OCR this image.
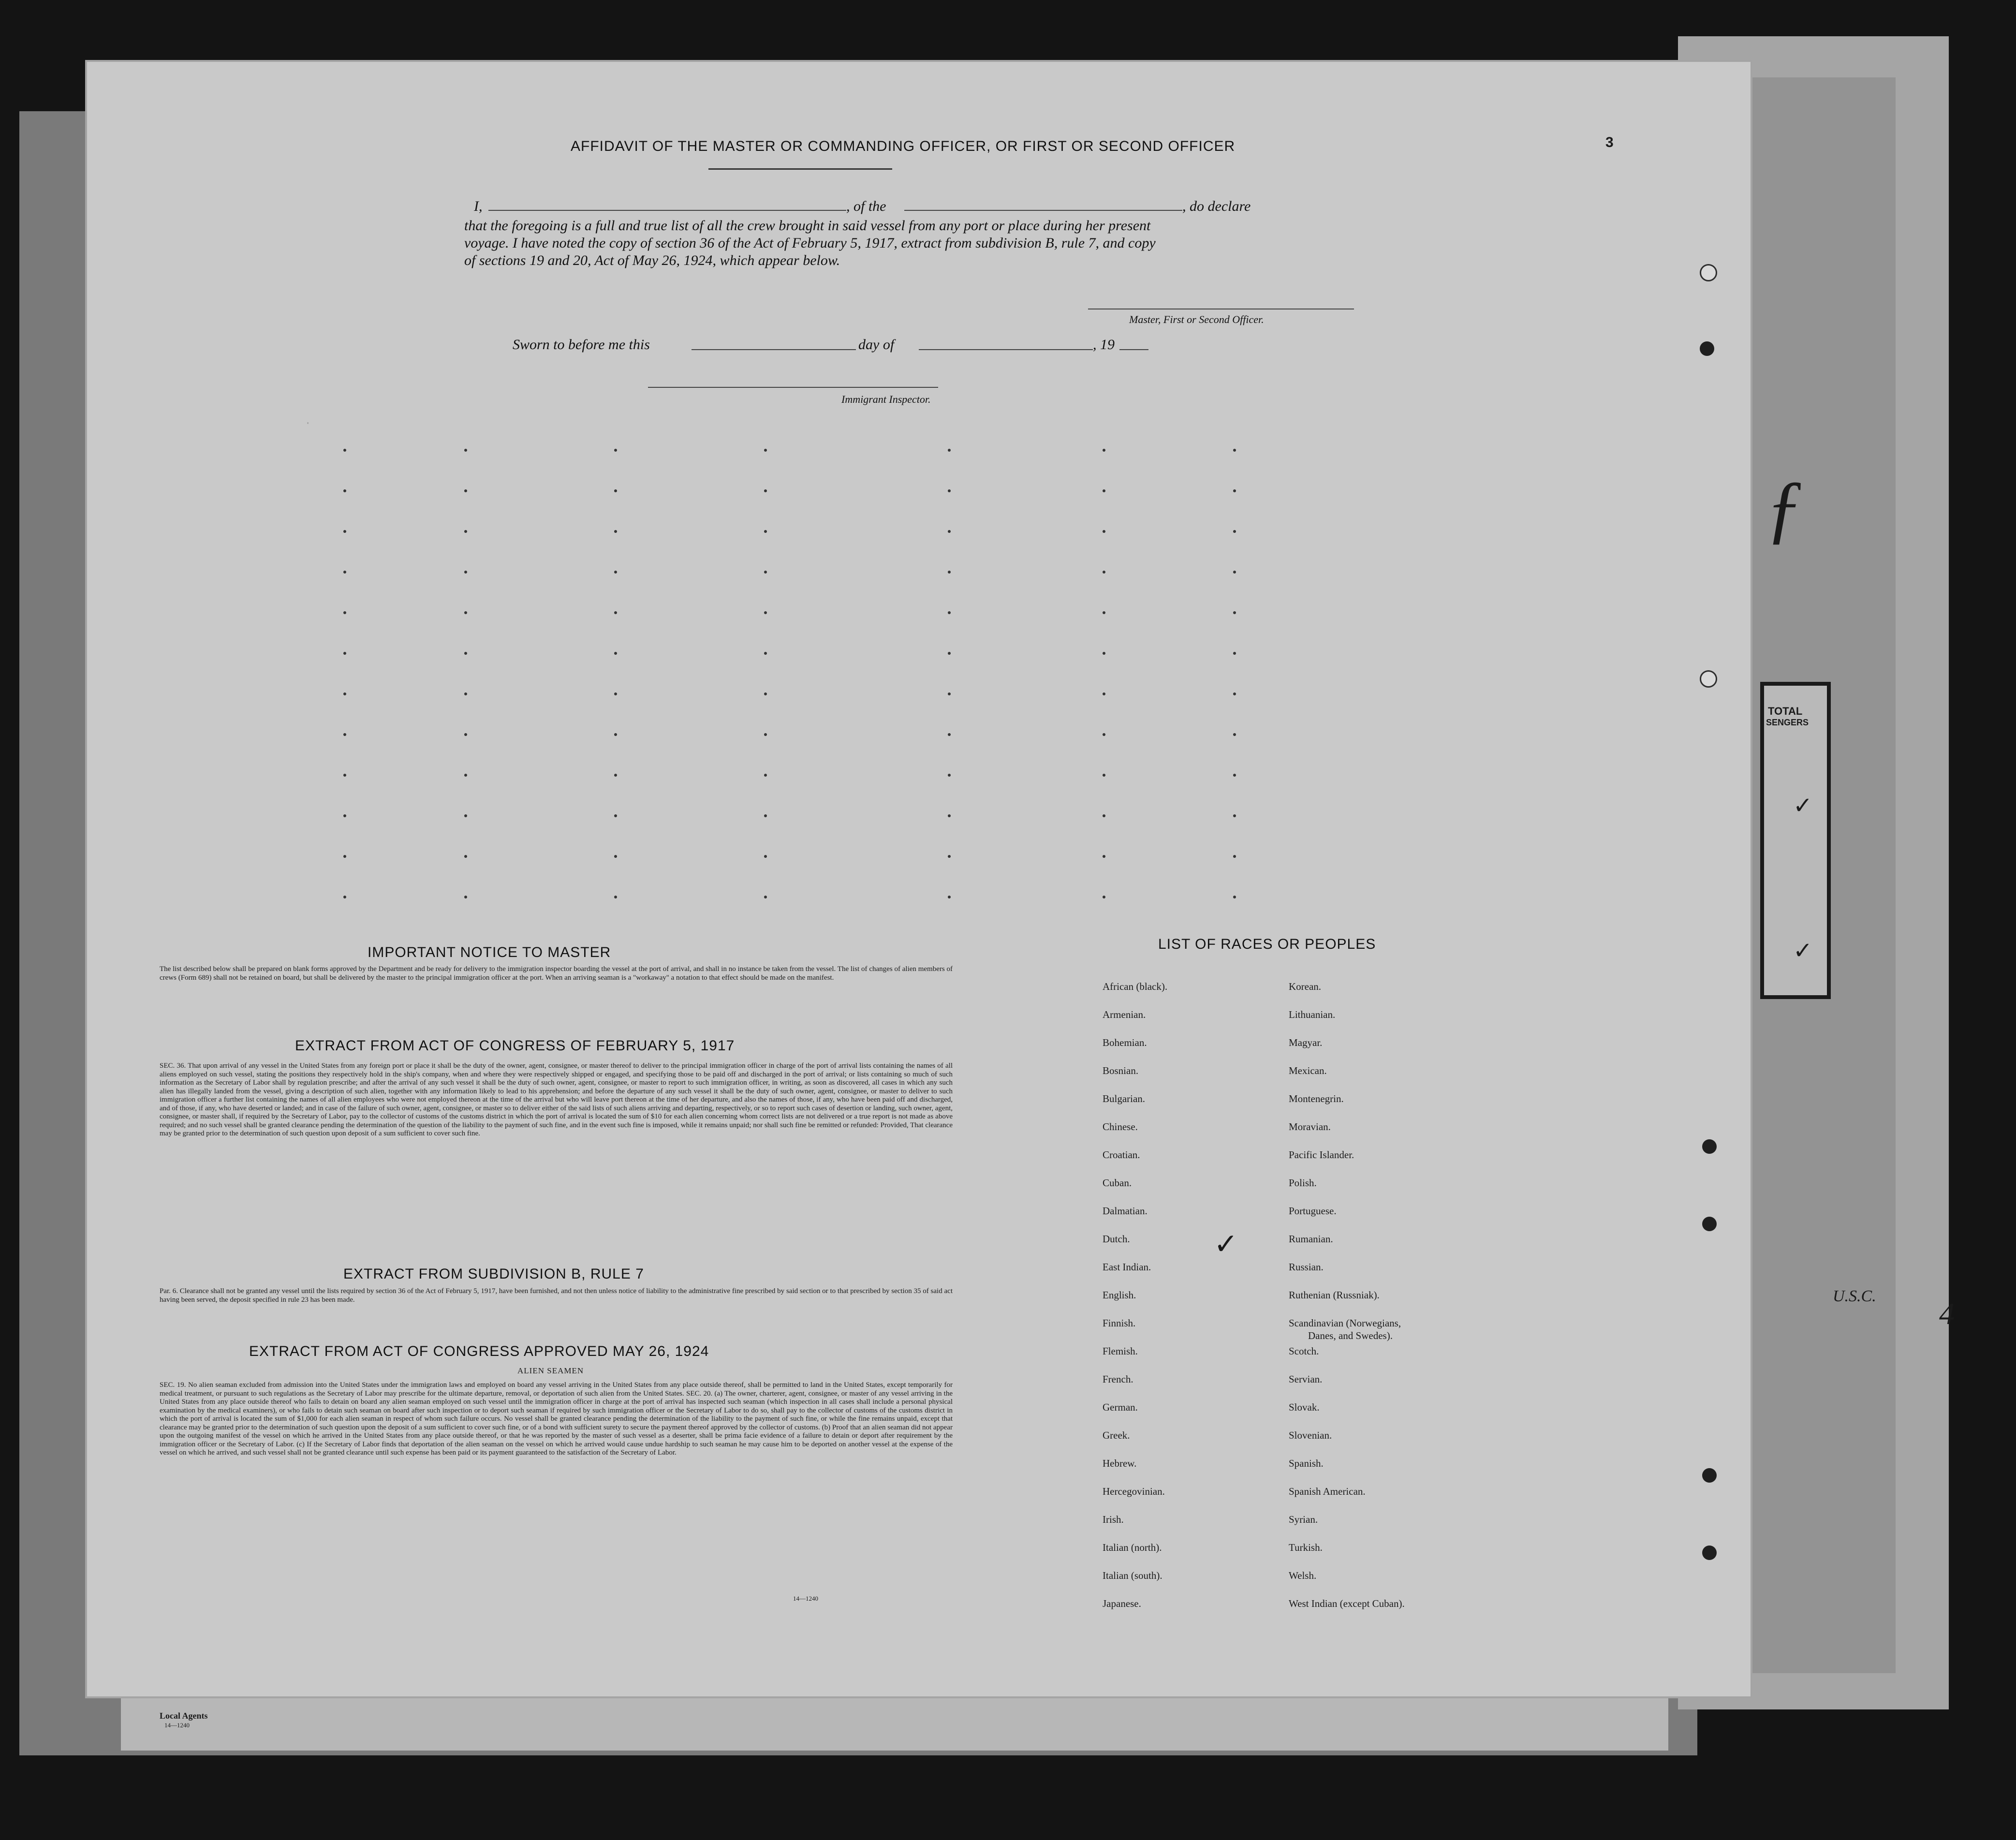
Local Agents
14—1240
TOTAL
SENGERS
✓
✓
U.S.C.
4
·
AFFIDAVIT OF THE MASTER OR COMMANDING OFFICER, OR FIRST OR SECOND OFFICER	3
I,	, of the	, do declare
that the foregoing is a full and true list of all the crew brought in said vessel from any port or place during her present
voyage. I have noted the copy of section 36 of the Act of February 5, 1917, extract from subdivision B, rule 7, and copy
of sections 19 and 20, Act of May 26, 1924, which appear below.
Master, First or Second Officer.
Sworn to before me this	day of	, 19
Immigrant Inspector.
IMPORTANT NOTICE TO MASTER
The list described below shall be prepared on blank forms approved by the Department and be ready for delivery to the immigration inspector boarding the vessel at the port of arrival, and shall in no instance be taken from the vessel. The list of changes of alien members of crews (Form 689) shall not be retained on board, but shall be delivered by the master to the principal immigration officer at the port. When an arriving seaman is a "workaway" a notation to that effect should be made on the manifest.
EXTRACT FROM ACT OF CONGRESS OF FEBRUARY 5, 1917
SEC. 36. That upon arrival of any vessel in the United States from any foreign port or place it shall be the duty of the owner, agent, consignee, or master thereof to deliver to the principal immigration officer in charge of the port of arrival lists containing the names of all aliens employed on such vessel, stating the positions they respectively hold in the ship's company, when and where they were respectively shipped or engaged, and specifying those to be paid off and discharged in the port of arrival; or lists containing so much of such information as the Secretary of Labor shall by regulation prescribe; and after the arrival of any such vessel it shall be the duty of such owner, agent, consignee, or master to report to such immigration officer, in writing, as soon as discovered, all cases in which any such alien has illegally landed from the vessel, giving a description of such alien, together with any information likely to lead to his apprehension; and before the departure of any such vessel it shall be the duty of such owner, agent, consignee, or master to deliver to such immigration officer a further list containing the names of all alien employees who were not employed thereon at the time of the arrival but who will leave port thereon at the time of her departure, and also the names of those, if any, who have been paid off and discharged, and of those, if any, who have deserted or landed; and in case of the failure of such owner, agent, consignee, or master so to deliver either of the said lists of such aliens arriving and departing, respectively, or so to report such cases of desertion or landing, such owner, agent, consignee, or master shall, if required by the Secretary of Labor, pay to the collector of customs of the customs district in which the port of arrival is located the sum of $10 for each alien concerning whom correct lists are not delivered or a true report is not made as above required; and no such vessel shall be granted clearance pending the determination of the question of the liability to the payment of such fine, and in the event such fine is imposed, while it remains unpaid; nor shall such fine be remitted or refunded: Provided, That clearance may be granted prior to the determination of such question upon deposit of a sum sufficient to cover such fine.
EXTRACT FROM SUBDIVISION B, RULE 7
Par. 6. Clearance shall not be granted any vessel until the lists required by section 36 of the Act of February 5, 1917, have been furnished, and not then unless notice of liability to the administrative fine prescribed by said section or to that prescribed by section 35 of said act having been served, the deposit specified in rule 23 has been made.
EXTRACT FROM ACT OF CONGRESS APPROVED MAY 26, 1924
ALIEN SEAMEN
SEC. 19. No alien seaman excluded from admission into the United States under the immigration laws and employed on board any vessel arriving in the United States from any place outside thereof, shall be permitted to land in the United States, except temporarily for medical treatment, or pursuant to such regulations as the Secretary of Labor may prescribe for the ultimate departure, removal, or deportation of such alien from the United States. SEC. 20. (a) The owner, charterer, agent, consignee, or master of any vessel arriving in the United States from any place outside thereof who fails to detain on board any alien seaman employed on such vessel until the immigration officer in charge at the port of arrival has inspected such seaman (which inspection in all cases shall include a personal physical examination by the medical examiners), or who fails to detain such seaman on board after such inspection or to deport such seaman if required by such immigration officer or the Secretary of Labor to do so, shall pay to the collector of customs of the customs district in which the port of arrival is located the sum of $1,000 for each alien seaman in respect of whom such failure occurs. No vessel shall be granted clearance pending the determination of the liability to the payment of such fine, or while the fine remains unpaid, except that clearance may be granted prior to the determination of such question upon the deposit of a sum sufficient to cover such fine, or of a bond with sufficient surety to secure the payment thereof approved by the collector of customs. (b) Proof that an alien seaman did not appear upon the outgoing manifest of the vessel on which he arrived in the United States from any place outside thereof, or that he was reported by the master of such vessel as a deserter, shall be prima facie evidence of a failure to detain or deport after requirement by the immigration officer or the Secretary of Labor. (c) If the Secretary of Labor finds that deportation of the alien seaman on the vessel on which he arrived would cause undue hardship to such seaman he may cause him to be deported on another vessel at the expense of the vessel on which he arrived, and such vessel shall not be granted clearance until such expense has been paid or its payment guaranteed to the satisfaction of the Secretary of Labor.
14—1240
LIST OF RACES OR PEOPLES
African (black).
Armenian.
Bohemian.
Bosnian.
Bulgarian.
Chinese.
Croatian.
Cuban.
Dalmatian.
Dutch.
East Indian.
English.
Finnish.
Flemish.
French.
German.
Greek.
Hebrew.
Hercegovinian.
Irish.
Italian (north).
Italian (south).
Japanese.
Korean.
Lithuanian.
Magyar.
Mexican.
Montenegrin.
Moravian.
Pacific Islander.
Polish.
Portuguese.
Rumanian.
Russian.
Ruthenian (Russniak).
Scandinavian (Norwegians,
Danes, and Swedes).
Scotch.
Servian.
Slovak.
Slovenian.
Spanish.
Spanish American.
Syrian.
Turkish.
Welsh.
West Indian (except Cuban).
✓
ƒ
